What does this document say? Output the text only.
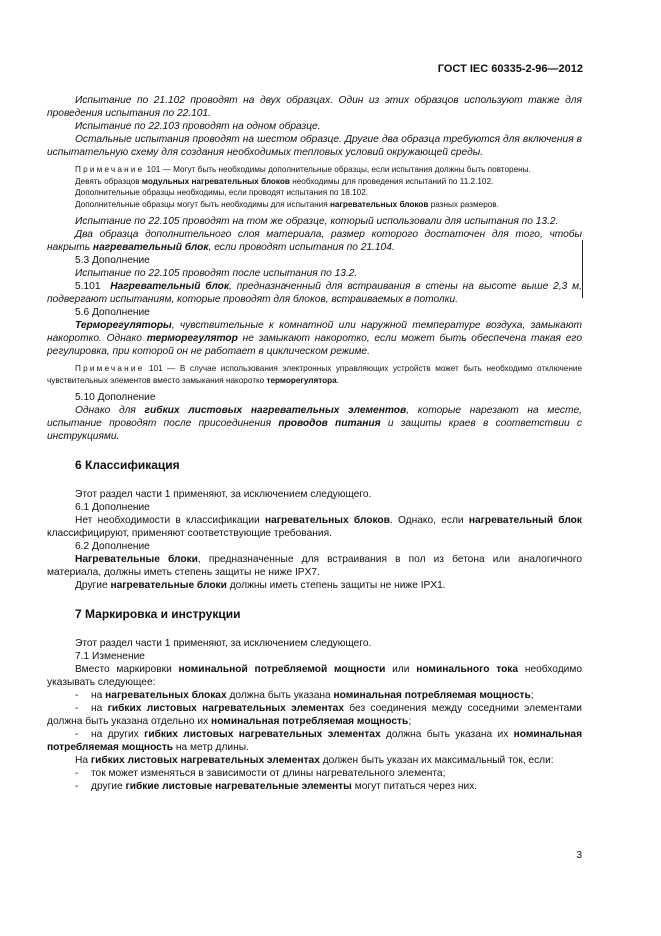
ГОСТ IEC 60335-2-96—2012

Испытание по 21.102 проводят на двух образцах. Один из этих образцов используют также для проведения испытания по 22.101.

Испытание по 22.103 проводят на одном образце.

Остальные испытания проводят на шестом образце. Другие два образца требуются для включения в испытательную схему для создания необходимых тепловых условий окружающей среды.

Примечание 101 — Могут быть необходимы дополнительные образцы, если испытания должны быть повторены.

Девять образцов модульных нагревательных блоков необходимы для проведения испытаний по 11.2.102.

Дополнительные образцы необходимы, если проводят испытания по 18.102.

Дополнительные образцы могут быть необходимы для испытания нагревательных блоков разных размеров.

Испытание по 22.105 проводят на том же образце, который использовали для испытания по 13.2.

Два образца дополнительного слоя материала, размер которого достаточен для того, чтобы накрыть нагревательный блок, если проводят испытания по 21.104.

5.3 Дополнение

Испытание по 22.105 проводят после испытания по 13.2.

5.101 Нагревательный блок, предназначенный для встраивания в стены на высоте выше 2,3 м, подвергают испытаниям, которые проводят для блоков, встраиваемых в потолки.

5.6 Дополнение

Терморегуляторы, чувствительные к комнатной или наружной температуре воздуха, замыкают накоротко. Однако терморегулятор не замыкают накоротко, если может быть обеспечена такая его регулировка, при которой он не работает в циклическом режиме.

Примечание 101 — В случае использования электронных управляющих устройств может быть необходимо отключение чувствительных элементов вместо замыкания накоротко терморегулятора.

5.10 Дополнение

Однако для гибких листовых нагревательных элементов, которые нарезают на месте, испытание проводят после присоединения проводов питания и защиты краев в соответствии с инструкциями.

6 Классификация

Этот раздел части 1 применяют, за исключением следующего.

6.1 Дополнение

Нет необходимости в классификации нагревательных блоков. Однако, если нагревательный блок классифицируют, применяют соответствующие требования.

6.2 Дополнение

Нагревательные блоки, предназначенные для встраивания в пол из бетона или аналогичного материала, должны иметь степень защиты не ниже IPX7.

Другие нагревательные блоки должны иметь степень защиты не ниже IPX1.

7 Маркировка и инструкции

Этот раздел части 1 применяют, за исключением следующего.

7.1 Изменение

Вместо маркировки номинальной потребляемой мощности или номинального тока необходимо указывать следующее:

- на нагревательных блоках должна быть указана номинальная потребляемая мощность;

- на гибких листовых нагревательных элементах без соединения между соседними элементами должна быть указана отдельно их номинальная потребляемая мощность;

- на других гибких листовых нагревательных элементах должна быть указана их номинальная потребляемая мощность на метр длины.

На гибких листовых нагревательных элементах должен быть указан их максимальный ток, если:

- ток может изменяться в зависимости от длины нагревательного элемента;

- другие гибкие листовые нагревательные элементы могут питаться через них.

3
